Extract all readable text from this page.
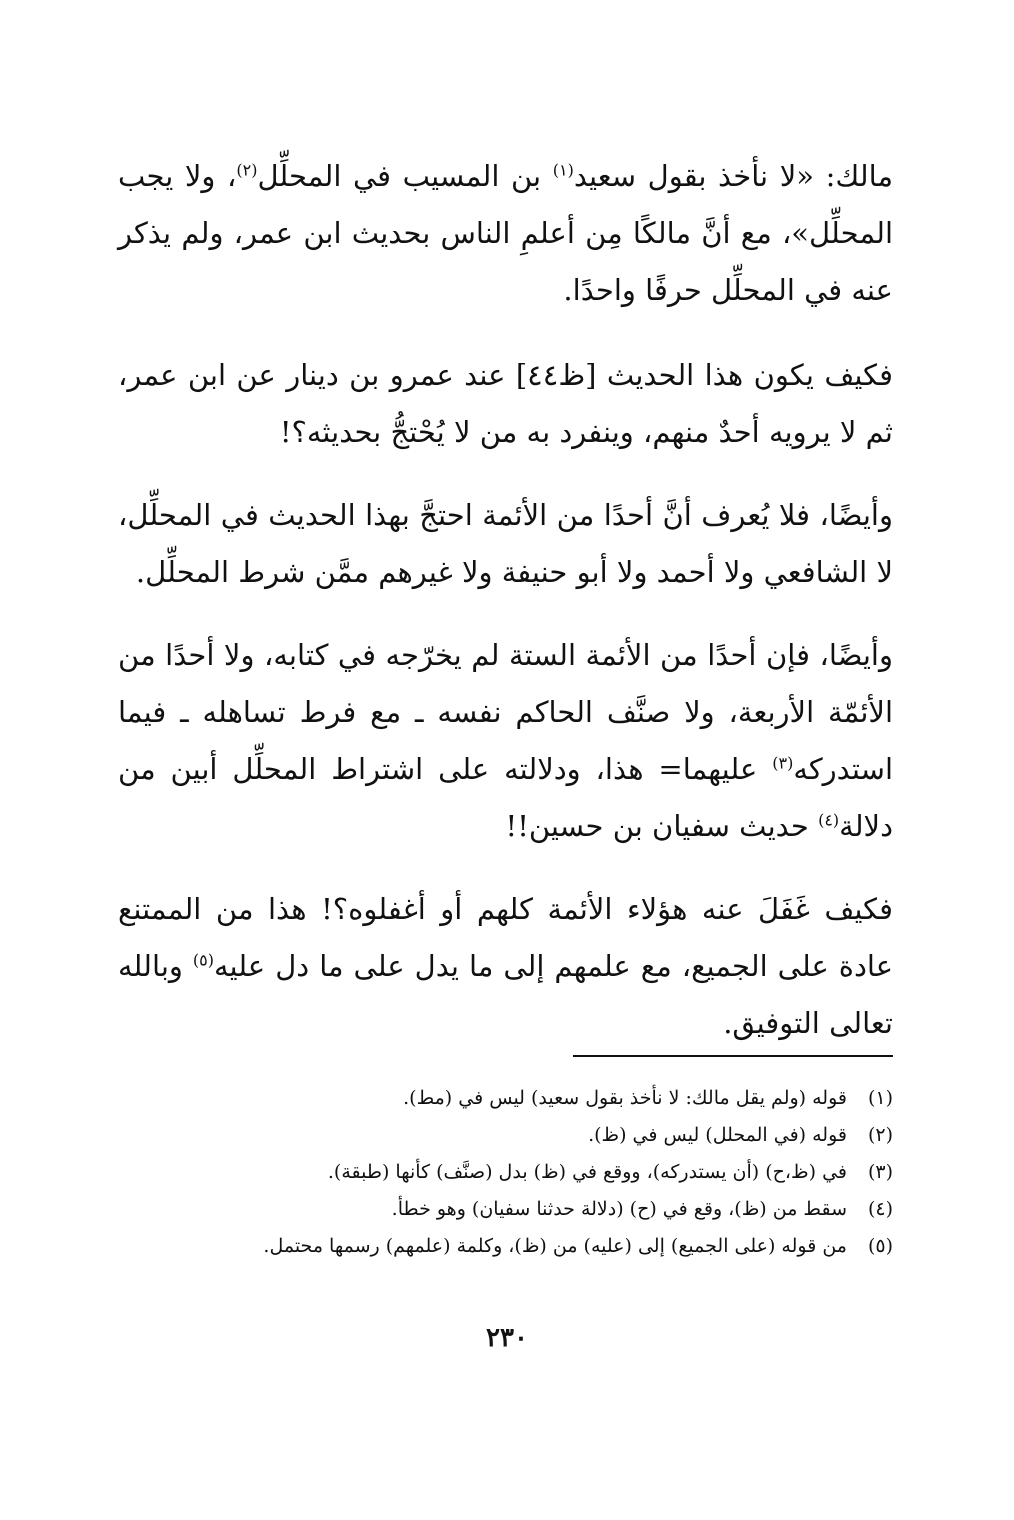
مالك: «لا نأخذ بقول سعيد$^{(١)}$ بن المسيب في المحلِّل$^{(٢)}$، ولا يجب المحلِّل»، مع أنَّ مالكًا مِن أعلمِ الناس بحديث ابن عمر، ولم يذكر عنه في المحلِّل حرفًا واحدًا.

فكيف يكون هذا الحديث [ظ٤٤] عند عمرو بن دينار عن ابن عمر، ثم لا يرويه أحدٌ منهم، وينفرد به من لا يُحْتجُّ بحديثه؟!

وأيضًا، فلا يُعرف أنَّ أحدًا من الأئمة احتجَّ بهذا الحديث في المحلِّل، لا الشافعي ولا أحمد ولا أبو حنيفة ولا غيرهم ممَّن شرط المحلِّل.

وأيضًا، فإن أحدًا من الأئمة الستة لم يخرّجه في كتابه، ولا أحدًا من الأئمّة الأربعة، ولا صنَّف الحاكم نفسه ـ مع فرط تساهله ـ فيما استدركه$^{(٣)}$ عليهما= هذا، ودلالته على اشتراط المحلِّل أبين من دلالة$^{(٤)}$ حديث سفيان بن حسين!!

فكيف غَفَلَ عنه هؤلاء الأئمة كلهم أو أغفلوه؟! هذا من الممتنع عادة على الجميع، مع علمهم إلى ما يدل على ما دل عليه$^{(٥)}$ وبالله تعالى التوفيق.

(١)
قوله (ولم يقل مالك: لا نأخذ بقول سعيد) ليس في (مط).
(٢)
قوله (في المحلل) ليس في (ظ).
(٣)
في (ظ،ح) (أن يستدركه)، ووقع في (ظ) بدل (صنَّف) كأنها (طبقة).
(٤)
سقط من (ظ)، وقع في (ح) (دلالة حدثنا سفيان) وهو خطأ.
(٥)
من قوله (على الجميع) إلى (عليه) من (ظ)، وكلمة (علمهم) رسمها محتمل.
٢٣٠
